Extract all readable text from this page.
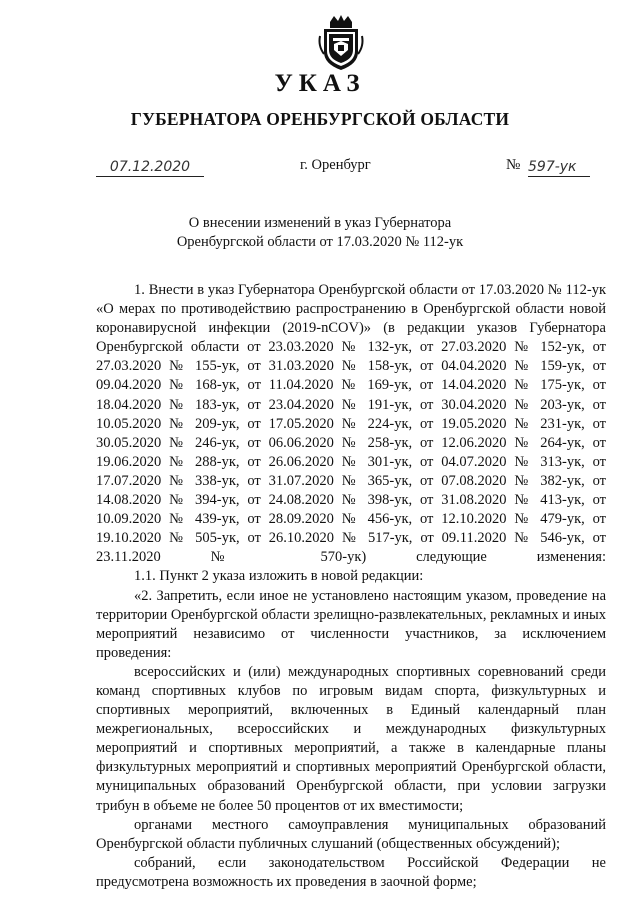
УКАЗ
ГУБЕРНАТОРА ОРЕНБУРГСКОЙ ОБЛАСТИ
07.12.2020	г. Оренбург	№ 597-ук
О внесении изменений в указ Губернатора
Оренбургской области от 17.03.2020 № 112-ук

1. Внести в указ Губернатора Оренбургской области от 17.03.2020 № 112-ук «О мерах по противодействию распространению в Оренбургской области новой коронавирусной инфекции (2019-nCOV)» (в редакции указов Губернатора Оренбургской области от 23.03.2020 № 132-ук, от 27.03.2020 № 152-ук, от 27.03.2020 № 155-ук, от 31.03.2020 № 158-ук, от 04.04.2020 № 159-ук, от 09.04.2020 № 168-ук, от 11.04.2020 № 169-ук, от 14.04.2020 № 175-ук, от 18.04.2020 № 183-ук, от 23.04.2020 № 191-ук, от 30.04.2020 № 203-ук, от 10.05.2020 № 209-ук, от 17.05.2020 № 224-ук, от 19.05.2020 № 231-ук, от 30.05.2020 № 246-ук, от 06.06.2020 № 258-ук, от 12.06.2020 № 264-ук, от 19.06.2020 № 288-ук, от 26.06.2020 № 301-ук, от 04.07.2020 № 313-ук, от 17.07.2020 № 338-ук, от 31.07.2020 № 365-ук, от 07.08.2020 № 382-ук, от 14.08.2020 № 394-ук, от 24.08.2020 № 398-ук, от 31.08.2020 № 413-ук, от 10.09.2020 № 439-ук, от 28.09.2020 № 456-ук, от 12.10.2020 № 479-ук, от 19.10.2020 № 505-ук, от 26.10.2020 № 517-ук, от 09.11.2020 № 546-ук, от 23.11.2020 № 570-ук) следующие изменения:

1.1. Пункт 2 указа изложить в новой редакции:

«2. Запретить, если иное не установлено настоящим указом, проведение на территории Оренбургской области зрелищно-развлекательных, рекламных и иных мероприятий независимо от численности участников, за исключением проведения:

всероссийских и (или) международных спортивных соревнований среди команд спортивных клубов по игровым видам спорта, физкультурных и спортивных мероприятий, включенных в Единый календарный план межрегиональных, всероссийских и международных физкультурных мероприятий и спортивных мероприятий, а также в календарные планы физкультурных мероприятий и спортивных мероприятий Оренбургской области, муниципальных образований Оренбургской области, при условии загрузки трибун в объеме не более 50 процентов от их вместимости;

органами местного самоуправления муниципальных образований Оренбургской области публичных слушаний (общественных обсуждений);

собраний, если законодательством Российской Федерации не предусмотрена возможность их проведения в заочной форме;
